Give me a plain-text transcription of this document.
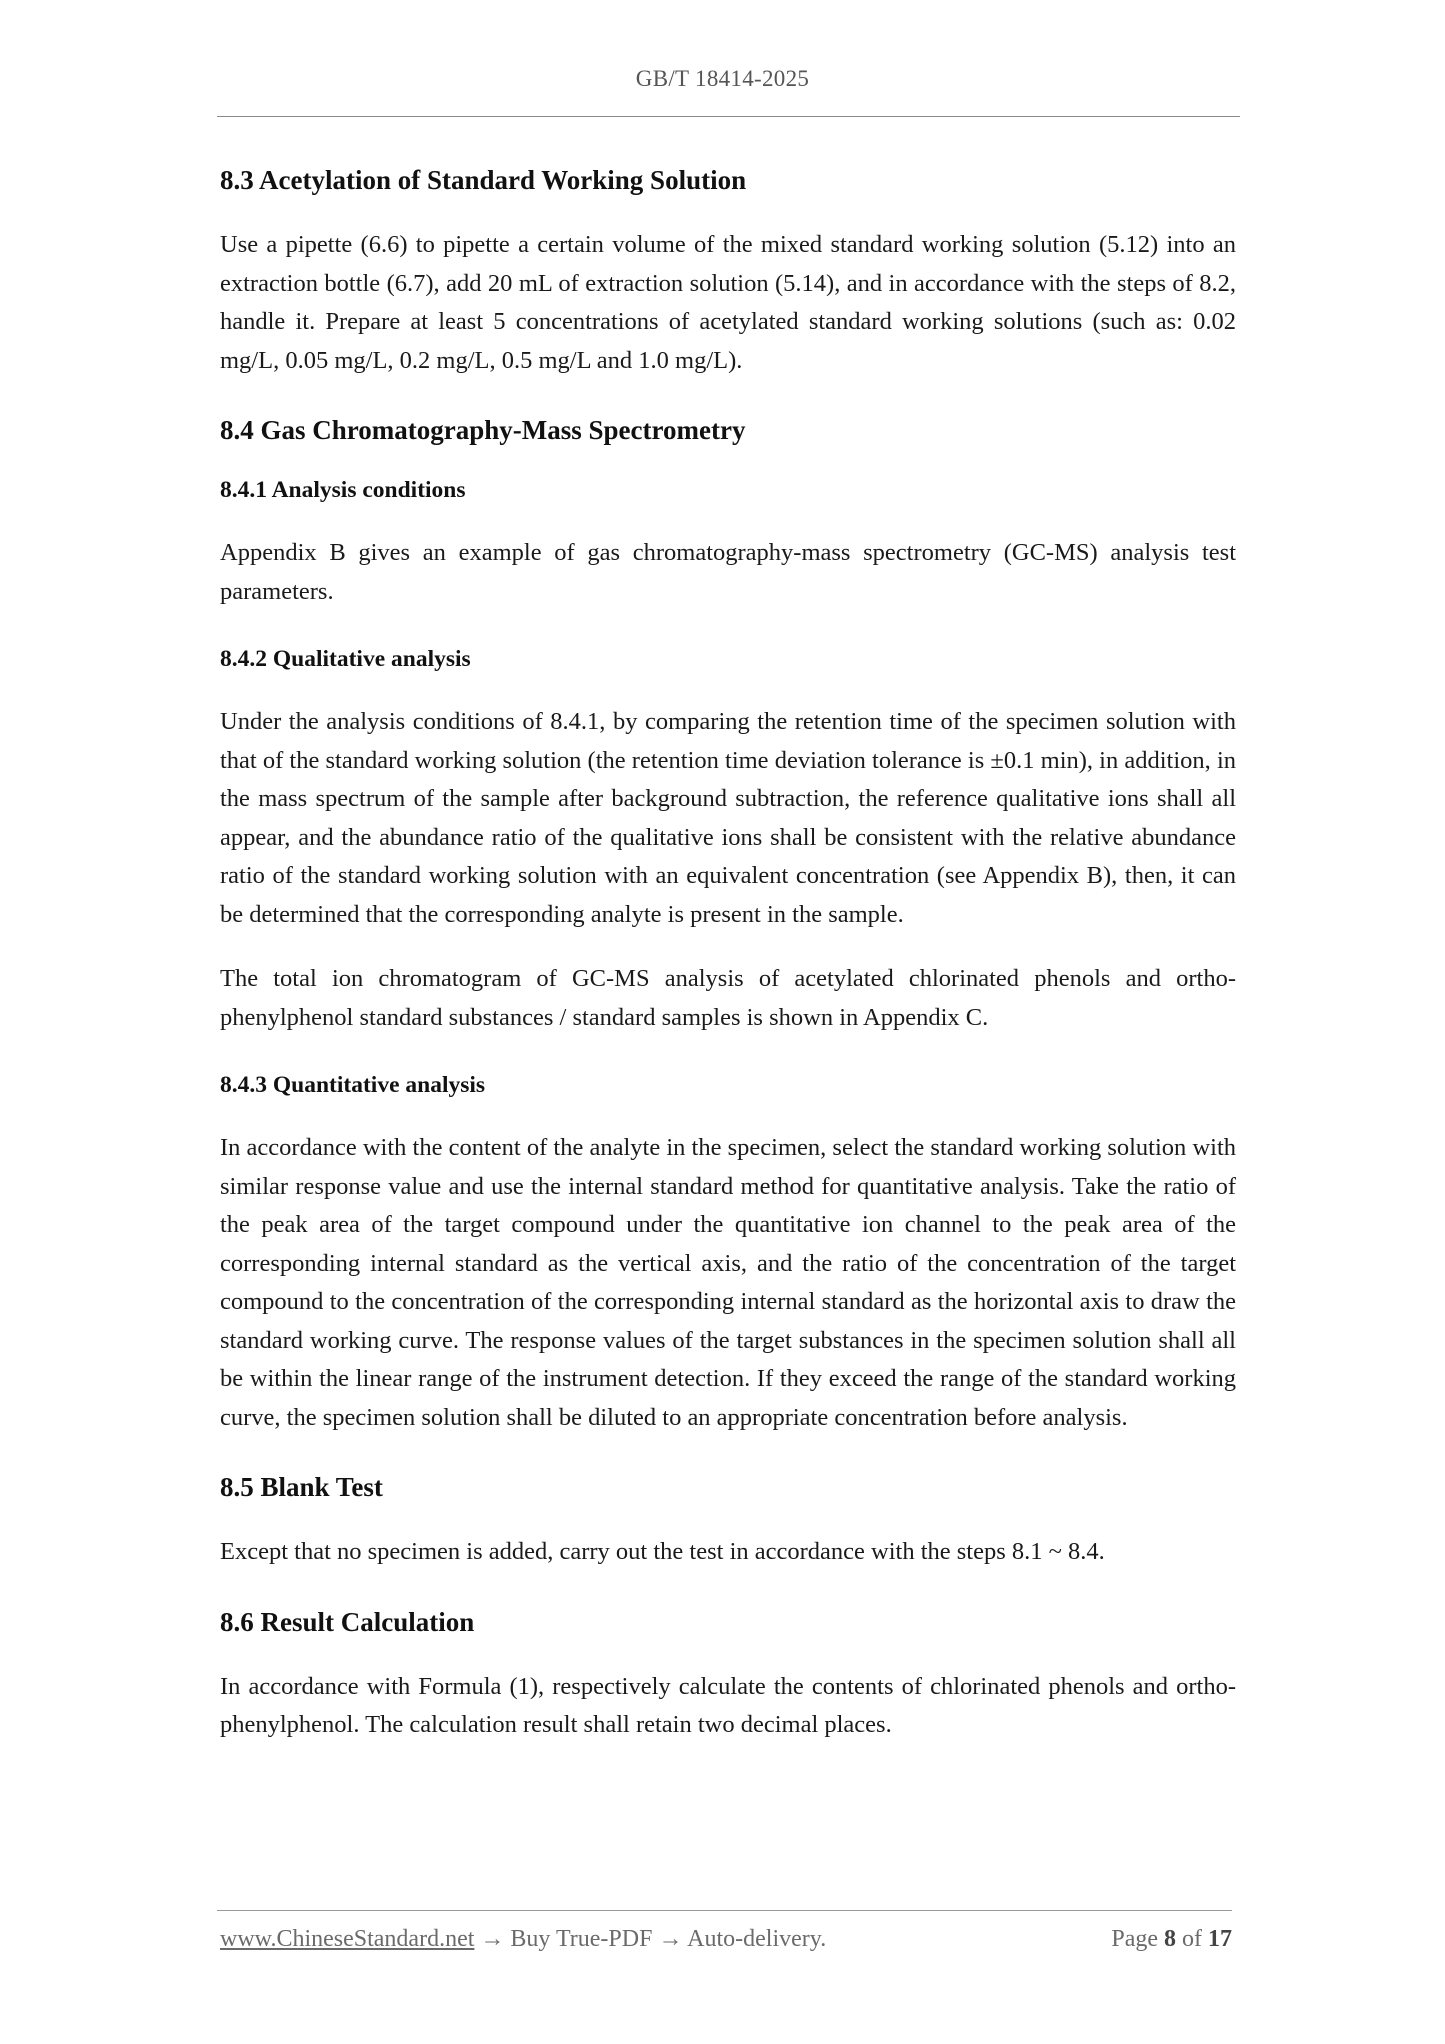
GB/T 18414-2025
8.3 Acetylation of Standard Working Solution

Use a pipette (6.6) to pipette a certain volume of the mixed standard working solution (5.12) into an extraction bottle (6.7), add 20 mL of extraction solution (5.14), and in accordance with the steps of 8.2, handle it. Prepare at least 5 concentrations of acetylated standard working solutions (such as: 0.02 mg/L, 0.05 mg/L, 0.2 mg/L, 0.5 mg/L and 1.0 mg/L).

8.4 Gas Chromatography-Mass Spectrometry
8.4.1 Analysis conditions

Appendix B gives an example of gas chromatography-mass spectrometry (GC-MS) analysis test parameters.

8.4.2 Qualitative analysis

Under the analysis conditions of 8.4.1, by comparing the retention time of the specimen solution with that of the standard working solution (the retention time deviation tolerance is ±0.1 min), in addition, in the mass spectrum of the sample after background subtraction, the reference qualitative ions shall all appear, and the abundance ratio of the qualitative ions shall be consistent with the relative abundance ratio of the standard working solution with an equivalent concentration (see Appendix B), then, it can be determined that the corresponding analyte is present in the sample.

The total ion chromatogram of GC-MS analysis of acetylated chlorinated phenols and ortho-phenylphenol standard substances / standard samples is shown in Appendix C.

8.4.3 Quantitative analysis

In accordance with the content of the analyte in the specimen, select the standard working solution with similar response value and use the internal standard method for quantitative analysis. Take the ratio of the peak area of the target compound under the quantitative ion channel to the peak area of the corresponding internal standard as the vertical axis, and the ratio of the concentration of the target compound to the concentration of the corresponding internal standard as the horizontal axis to draw the standard working curve. The response values of the target substances in the specimen solution shall all be within the linear range of the instrument detection. If they exceed the range of the standard working curve, the specimen solution shall be diluted to an appropriate concentration before analysis.

8.5 Blank Test

Except that no specimen is added, carry out the test in accordance with the steps 8.1 ~ 8.4.

8.6 Result Calculation

In accordance with Formula (1), respectively calculate the contents of chlorinated phenols and ortho-phenylphenol. The calculation result shall retain two decimal places.

www.ChineseStandard.net → Buy True-PDF → Auto-delivery.	Page 8 of 17
